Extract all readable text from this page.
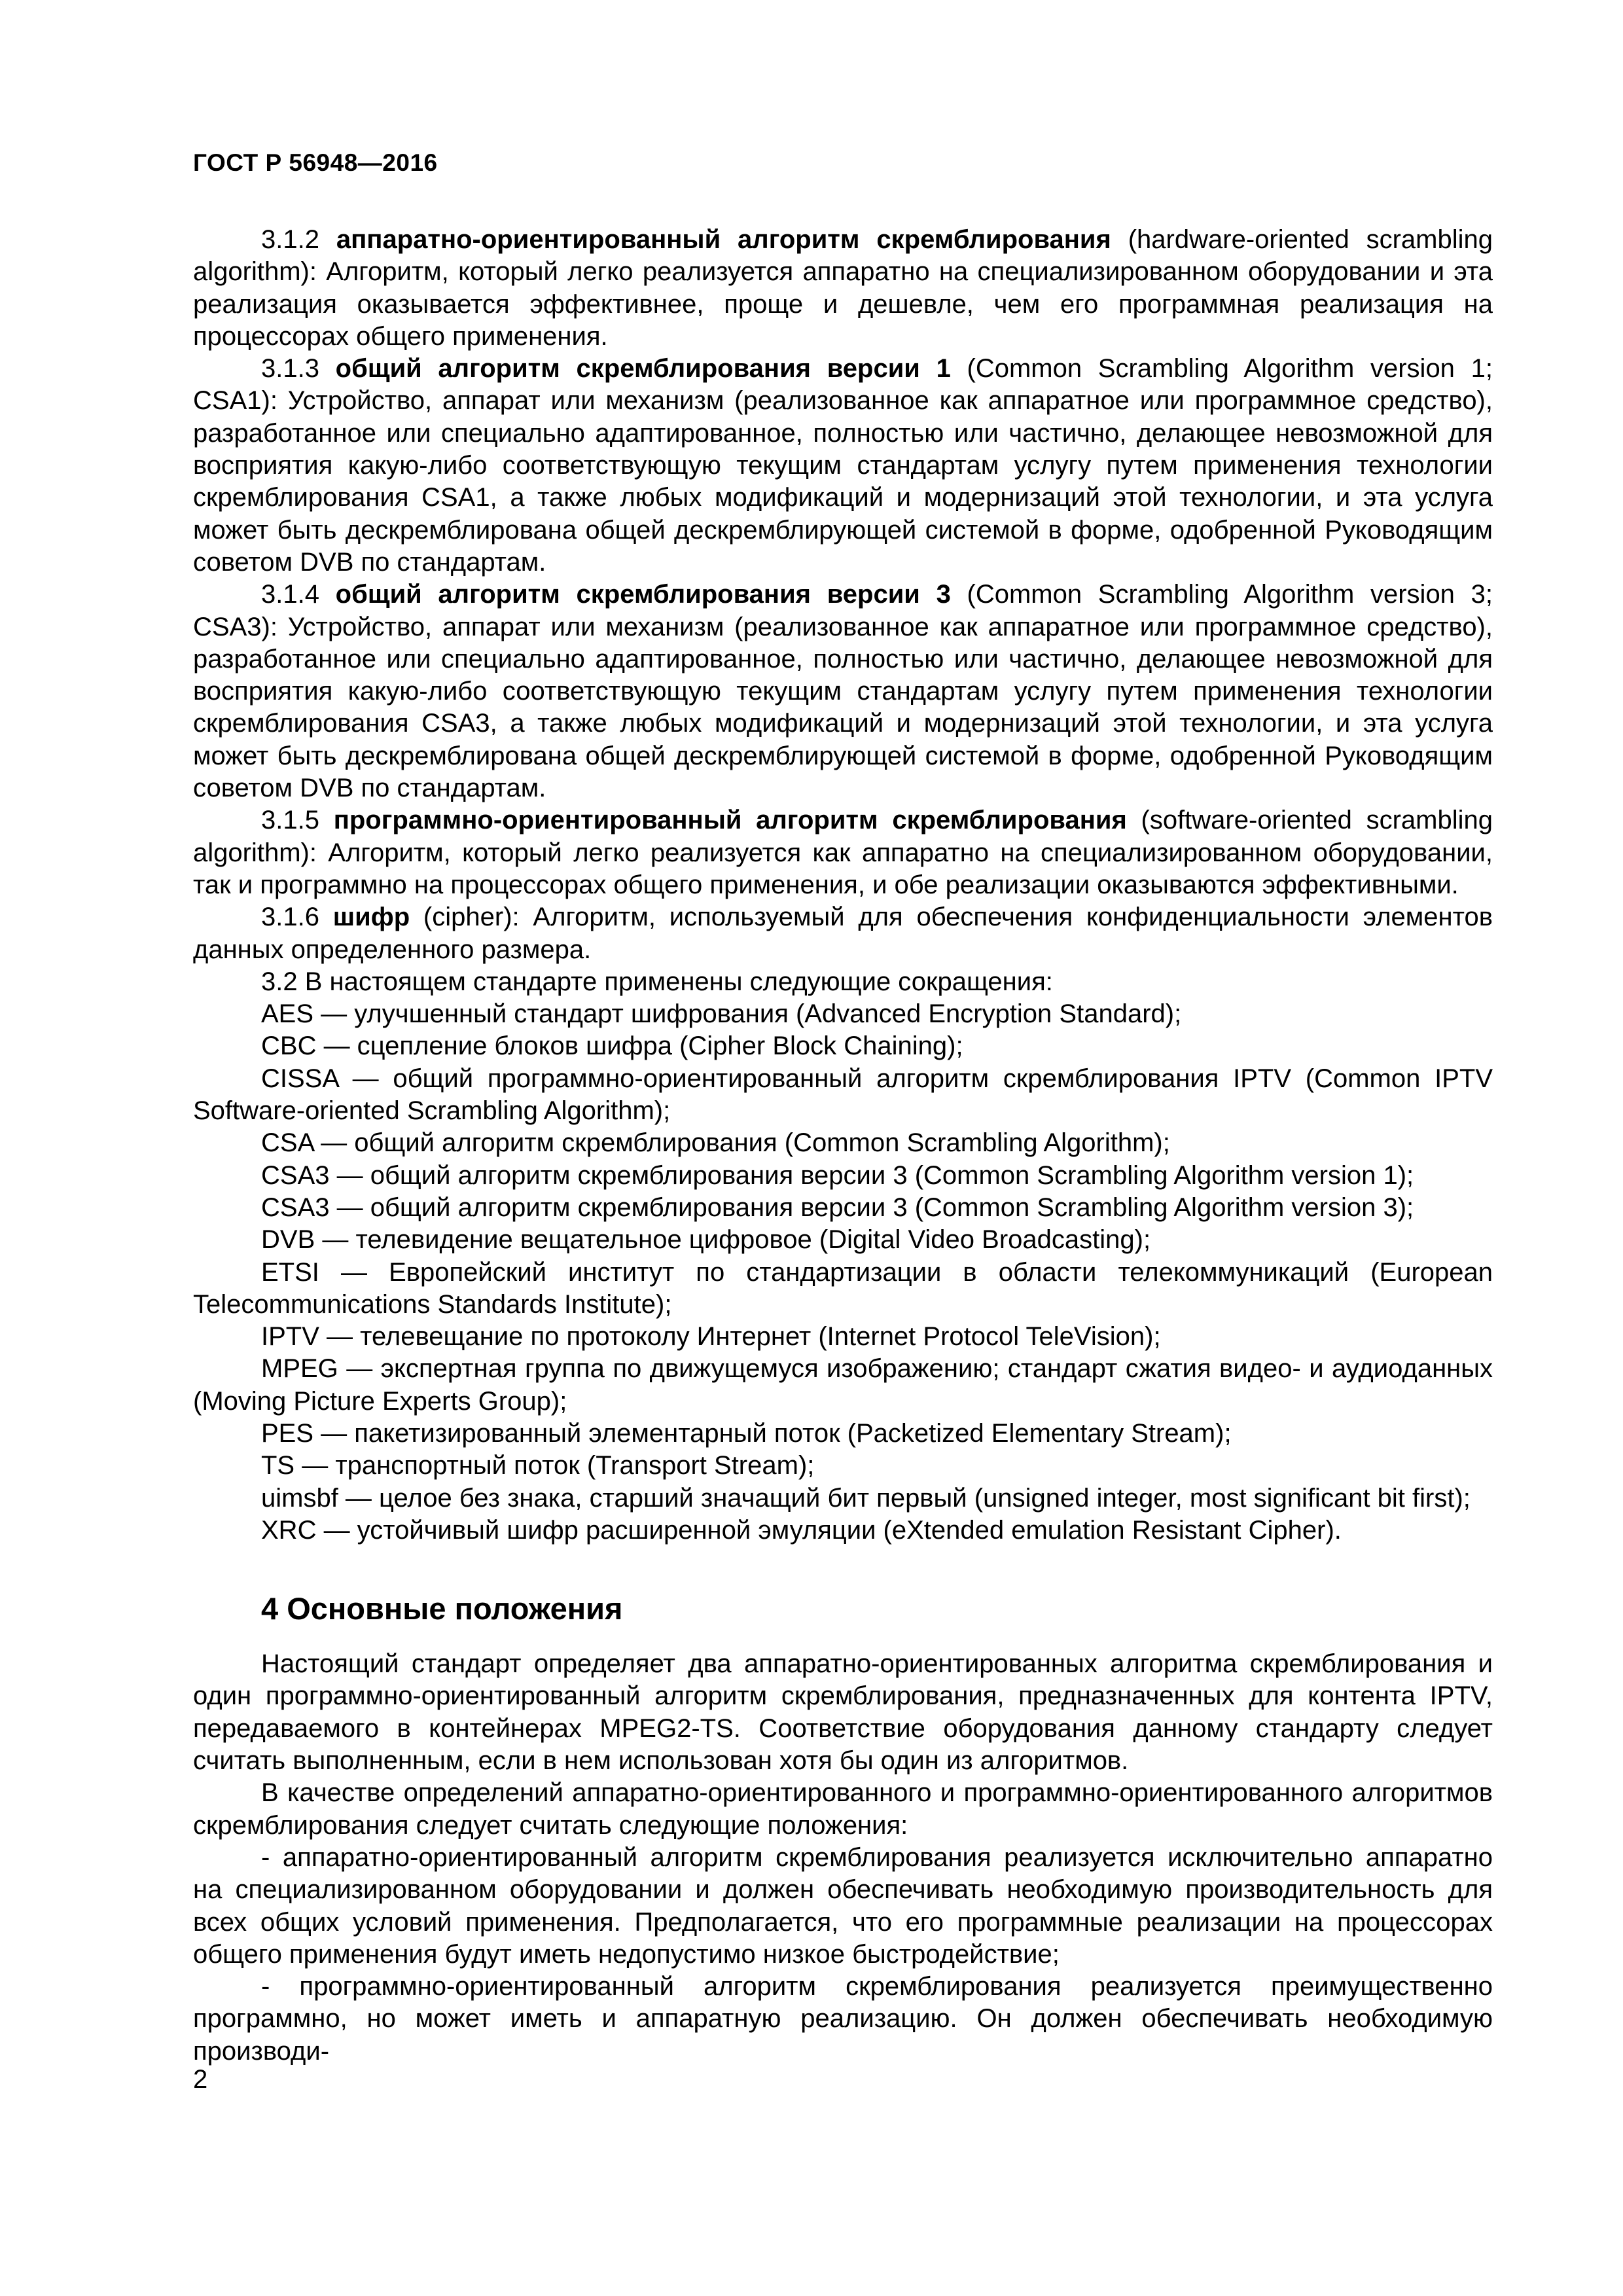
ГОСТ Р 56948—2016

3.1.2 аппаратно-ориентированный алгоритм скремблирования (hardware-oriented scrambling algorithm): Алгоритм, который легко реализуется аппаратно на специализированном оборудовании и эта реализация оказывается эффективнее, проще и дешевле, чем его программная реализация на процессорах общего применения.

3.1.3 общий алгоритм скремблирования версии 1 (Common Scrambling Algorithm version 1; CSA1): Устройство, аппарат или механизм (реализованное как аппаратное или программное средство), разработанное или специально адаптированное, полностью или частично, делающее невозможной для восприятия какую-либо соответствующую текущим стандартам услугу путем применения технологии скремблирования CSA1, а также любых модификаций и модернизаций этой технологии, и эта услуга может быть дескремблирована общей дескремблирующей системой в форме, одобренной Руководящим советом DVB по стандартам.

3.1.4 общий алгоритм скремблирования версии 3 (Common Scrambling Algorithm version 3; CSA3): Устройство, аппарат или механизм (реализованное как аппаратное или программное средство), разработанное или специально адаптированное, полностью или частично, делающее невозможной для восприятия какую-либо соответствующую текущим стандартам услугу путем применения технологии скремблирования CSA3, а также любых модификаций и модернизаций этой технологии, и эта услуга может быть дескремблирована общей дескремблирующей системой в форме, одобренной Руководящим советом DVB по стандартам.

3.1.5 программно-ориентированный алгоритм скремблирования (software-oriented scrambling algorithm): Алгоритм, который легко реализуется как аппаратно на специализированном оборудовании, так и программно на процессорах общего применения, и обе реализации оказываются эффективными.

3.1.6 шифр (cipher): Алгоритм, используемый для обеспечения конфиденциальности элементов данных определенного размера.

3.2 В настоящем стандарте применены следующие сокращения:

AES — улучшенный стандарт шифрования (Advanced Encryption Standard);

CBC — сцепление блоков шифра (Cipher Block Chaining);

CISSA — общий программно-ориентированный алгоритм скремблирования IPTV (Common IPTV Software-oriented Scrambling Algorithm);

CSA — общий алгоритм скремблирования (Common Scrambling Algorithm);

CSA3 — общий алгоритм скремблирования версии 3 (Common Scrambling Algorithm version 1);

CSA3 — общий алгоритм скремблирования версии 3 (Common Scrambling Algorithm version 3);

DVB — телевидение вещательное цифровое (Digital Video Broadcasting);

ETSI — Европейский институт по стандартизации в области телекоммуникаций (European Telecommunications Standards Institute);

IPTV — телевещание по протоколу Интернет (Internet Protocol TeleVision);

MPEG — экспертная группа по движущемуся изображению; стандарт сжатия видео- и аудиоданных (Moving Picture Experts Group);

PES — пакетизированный элементарный поток (Packetized Elementary Stream);

TS — транспортный поток (Transport Stream);

uimsbf — целое без знака, старший значащий бит первый (unsigned integer, most significant bit first);

XRC — устойчивый шифр расширенной эмуляции (eXtended emulation Resistant Cipher).

4 Основные положения

Настоящий стандарт определяет два аппаратно-ориентированных алгоритма скремблирования и один программно-ориентированный алгоритм скремблирования, предназначенных для контента IPTV, передаваемого в контейнерах MPEG2-TS. Соответствие оборудования данному стандарту следует считать выполненным, если в нем использован хотя бы один из алгоритмов.

В качестве определений аппаратно-ориентированного и программно-ориентированного алгоритмов скремблирования следует считать следующие положения:

- аппаратно-ориентированный алгоритм скремблирования реализуется исключительно аппаратно на специализированном оборудовании и должен обеспечивать необходимую производительность для всех общих условий применения. Предполагается, что его программные реализации на процессорах общего применения будут иметь недопустимо низкое быстродействие;

- программно-ориентированный алгоритм скремблирования реализуется преимущественно программно, но может иметь и аппаратную реализацию. Он должен обеспечивать необходимую производи-

2
